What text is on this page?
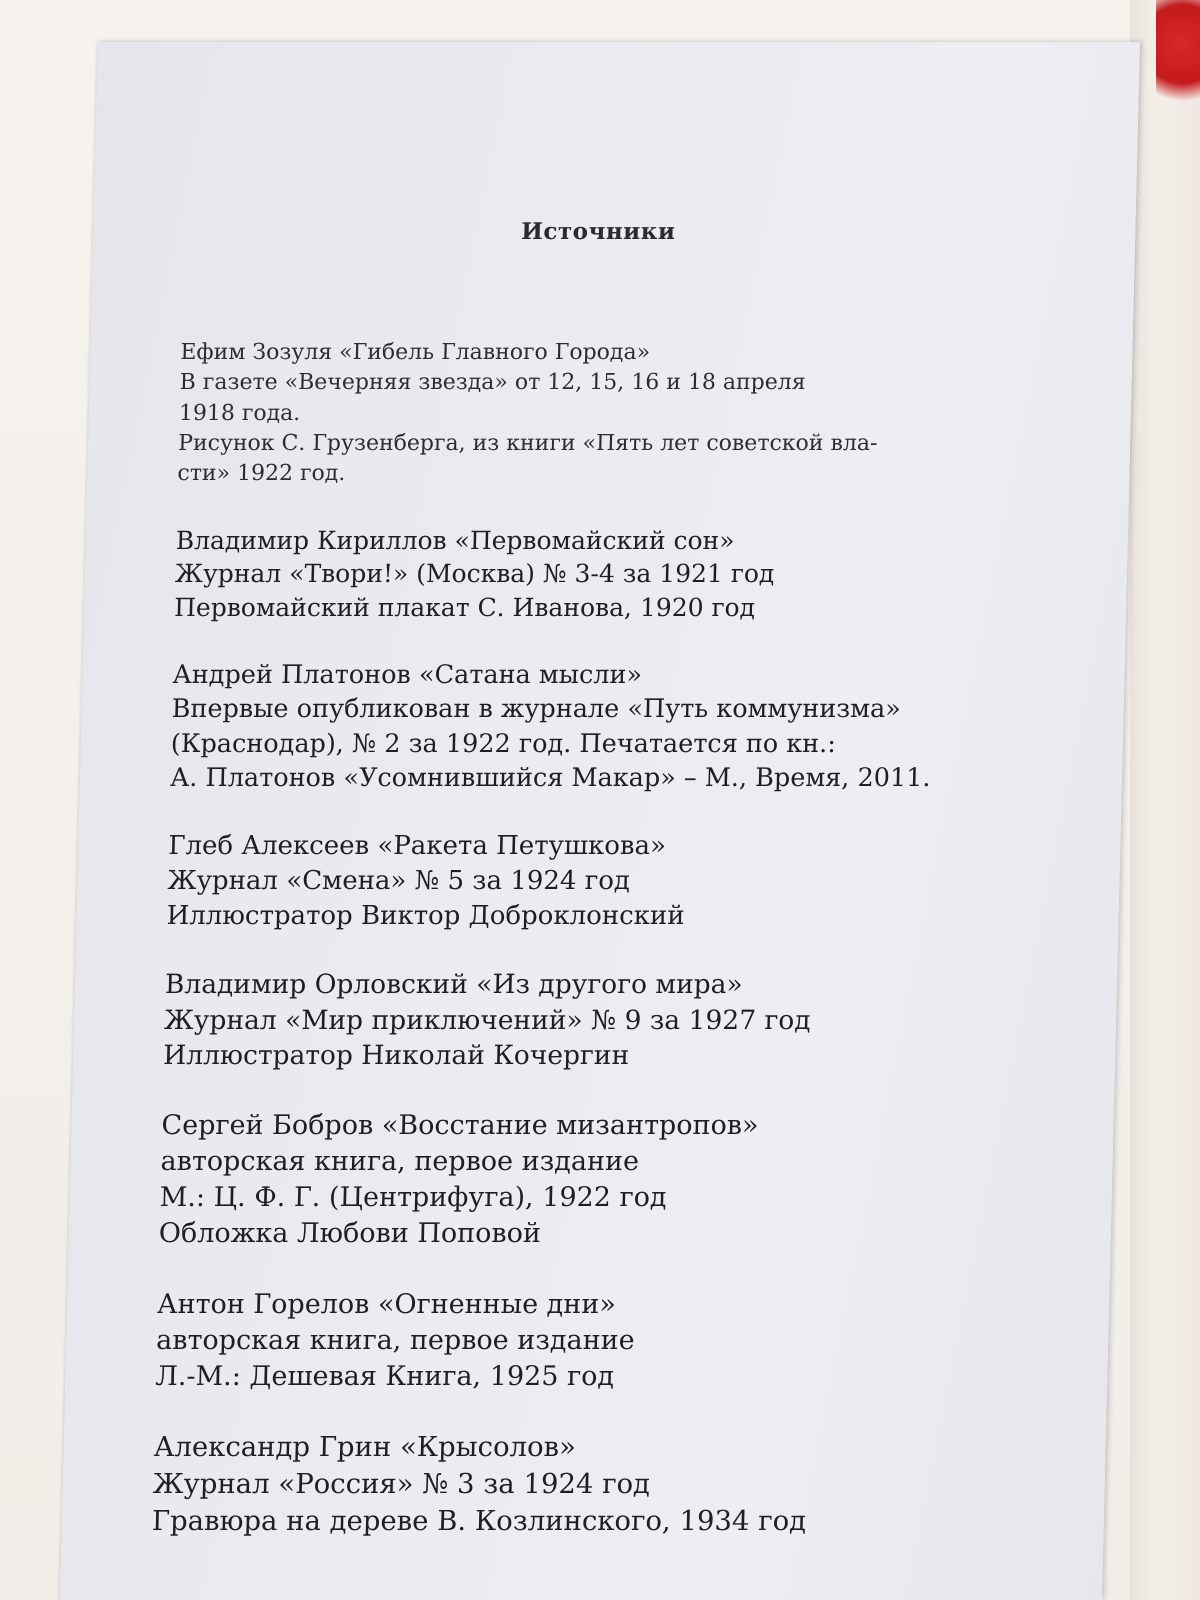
Источники
Ефим Зозуля «Гибель Главного Города»
В газете «Вечерняя звезда» от 12, 15, 16 и 18 апреля
1918 года.
Рисунок С. Грузенберга, из книги «Пять лет советской вла-
сти» 1922 год.
Владимир Кириллов «Первомайский сон»
Журнал «Твори!» (Москва) № 3-4 за 1921 год
Первомайский плакат С. Иванова, 1920 год
Андрей Платонов «Сатана мысли»
Впервые опубликован в журнале «Путь коммунизма»
(Краснодар), № 2 за 1922 год. Печатается по кн.:
А. Платонов «Усомнившийся Макар» – М., Время, 2011.
Глеб Алексеев «Ракета Петушкова»
Журнал «Смена» № 5 за 1924 год
Иллюстратор Виктор Доброклонский
Владимир Орловский «Из другого мира»
Журнал «Мир приключений» № 9 за 1927 год
Иллюстратор Николай Кочергин
Сергей Бобров «Восстание мизантропов»
авторская книга, первое издание
М.: Ц. Ф. Г. (Центрифуга), 1922 год
Обложка Любови Поповой
Антон Горелов «Огненные дни»
авторская книга, первое издание
Л.-М.: Дешевая Книга, 1925 год
Александр Грин «Крысолов»
Журнал «Россия» № 3 за 1924 год
Гравюра на дереве В. Козлинского, 1934 год
